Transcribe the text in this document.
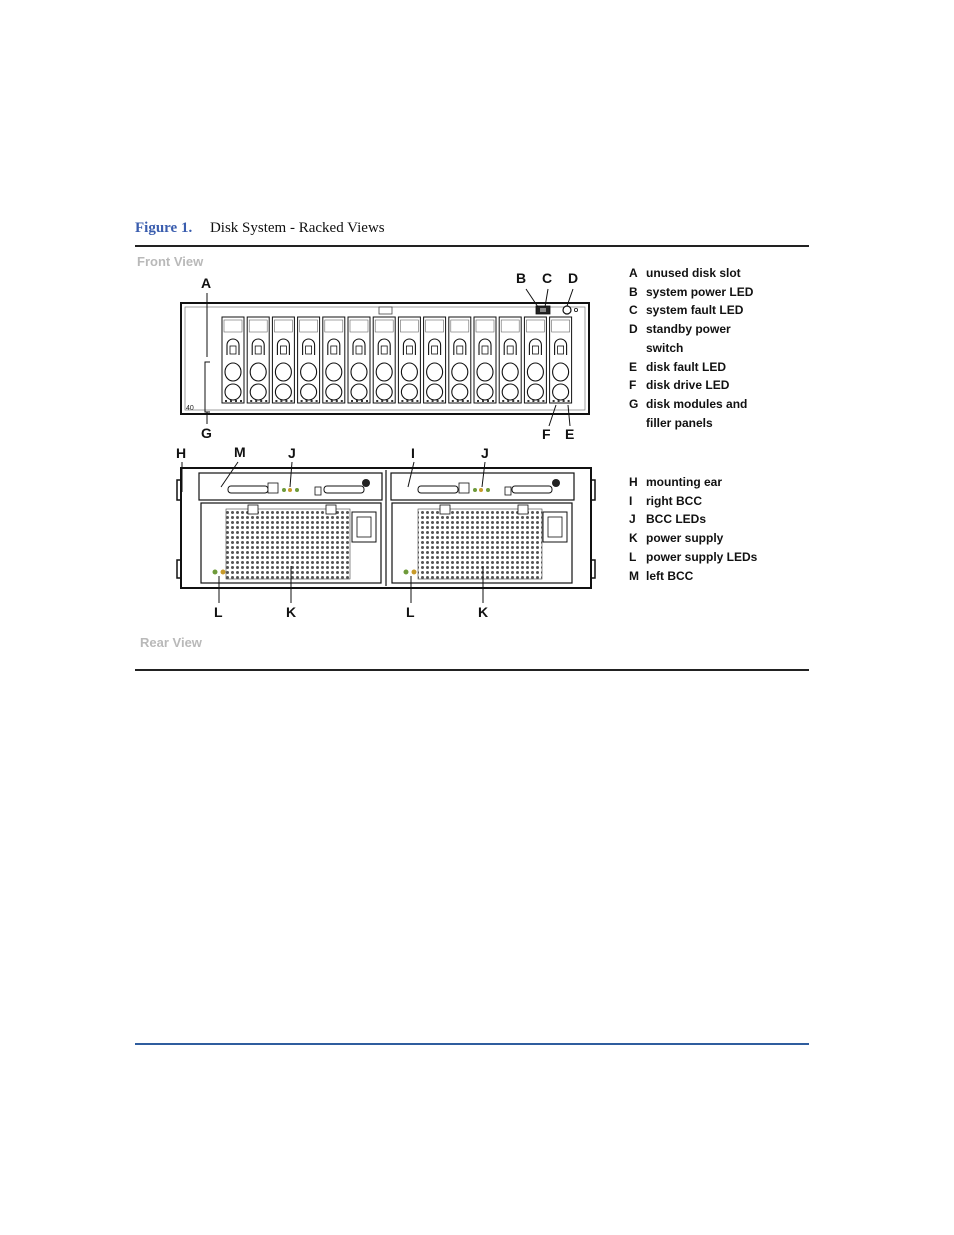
Figure 1. Disk System - Racked Views
Front View
Rear View
40
A	B C D
G	F E
H	M	J	I	J
L	K	L	K
A unused disk slot
B system power LED
C system fault LED
D standby power switch
E disk fault LED
F disk drive LED
G disk modules and filler panels
H mounting ear
I	right BCC
J BCC LEDs
K power supply
L power supply LEDs
M left BCC
